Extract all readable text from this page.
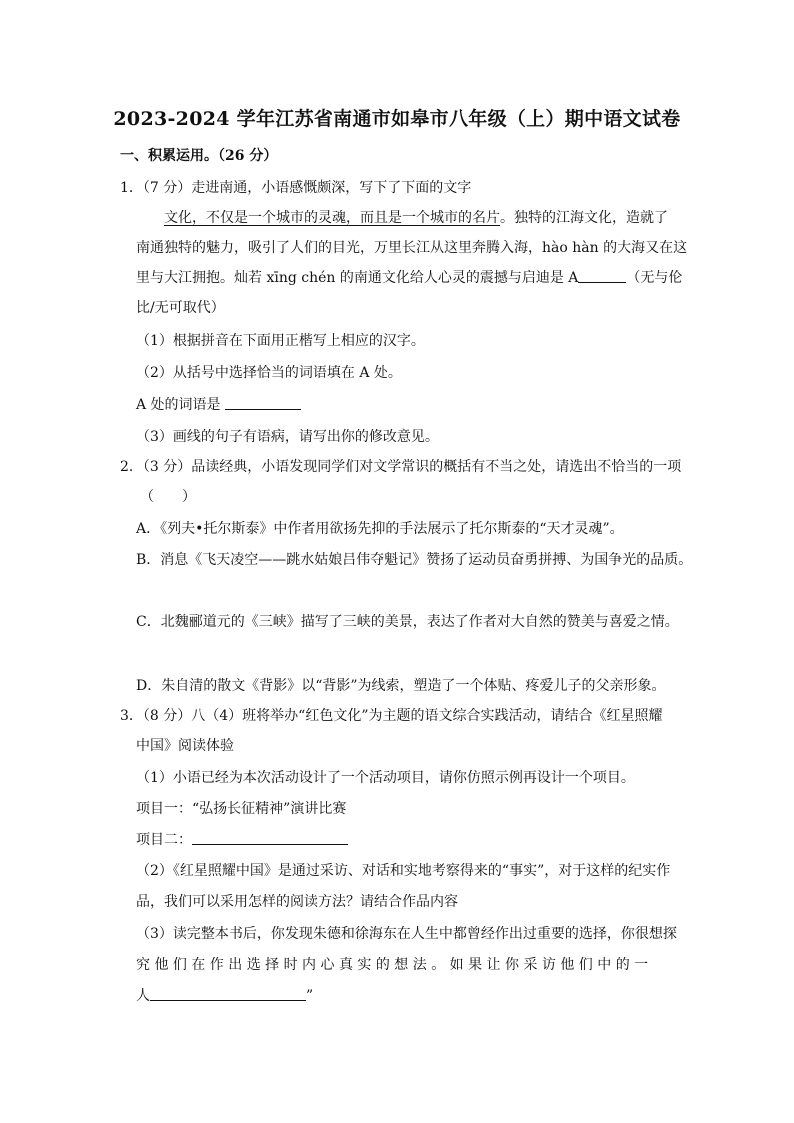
2023-2024 学年江苏省南通市如皋市八年级（上）期中语文试卷
一、积累运用。（26 分）
1．（7 分）走进南通，小语感慨颇深，写下了下面的文字
文化，不仅是一个城市的灵魂，而且是一个城市的名片。独特的江海文化，造就了
南通独特的魅力，吸引了人们的目光，万里长江从这里奔腾入海，hào hàn 的大海又在这
里与大江拥抱。灿若 xīng chén 的南通文化给人心灵的震撼与启迪是 A	（无与伦
比/无可取代）
（1）根据拼音在下面用正楷写上相应的汉字。
（2）从括号中选择恰当的词语填在 A 处。
A 处的词语是
（3）画线的句子有语病，请写出你的修改意见。
2．（3 分）品读经典，小语发现同学们对文学常识的概括有不当之处，请选出不恰当的一项
（　　）
A．《列夫•托尔斯泰》中作者用欲扬先抑的手法展示了托尔斯泰的“天才灵魂”。
B．消息《飞天凌空——跳水姑娘吕伟夺魁记》赞扬了运动员奋勇拼搏、为国争光的品质。
C．北魏郦道元的《三峡》描写了三峡的美景，表达了作者对大自然的赞美与喜爱之情。
D．朱自清的散文《背影》以“背影”为线索，塑造了一个体贴、疼爱儿子的父亲形象。
3．（8 分）八（4）班将举办“红色文化”为主题的语文综合实践活动，请结合《红星照耀
中国》阅读体验
（1）小语已经为本次活动设计了一个活动项目，请你仿照示例再设计一个项目。
项目一：“弘扬长征精神”演讲比赛
项目二：
（2）《红星照耀中国》是通过采访、对话和实地考察得来的“事实”，对于这样的纪实作
品，我们可以采用怎样的阅读方法？请结合作品内容
（3）读完整本书后，你发现朱德和徐海东在人生中都曾经作出过重要的选择，你很想探
究 他 们 在 作 出 选 择 时 内 心 真 实 的 想 法 。 如 果 让 你 采 访 他 们 中 的 一
人	”
